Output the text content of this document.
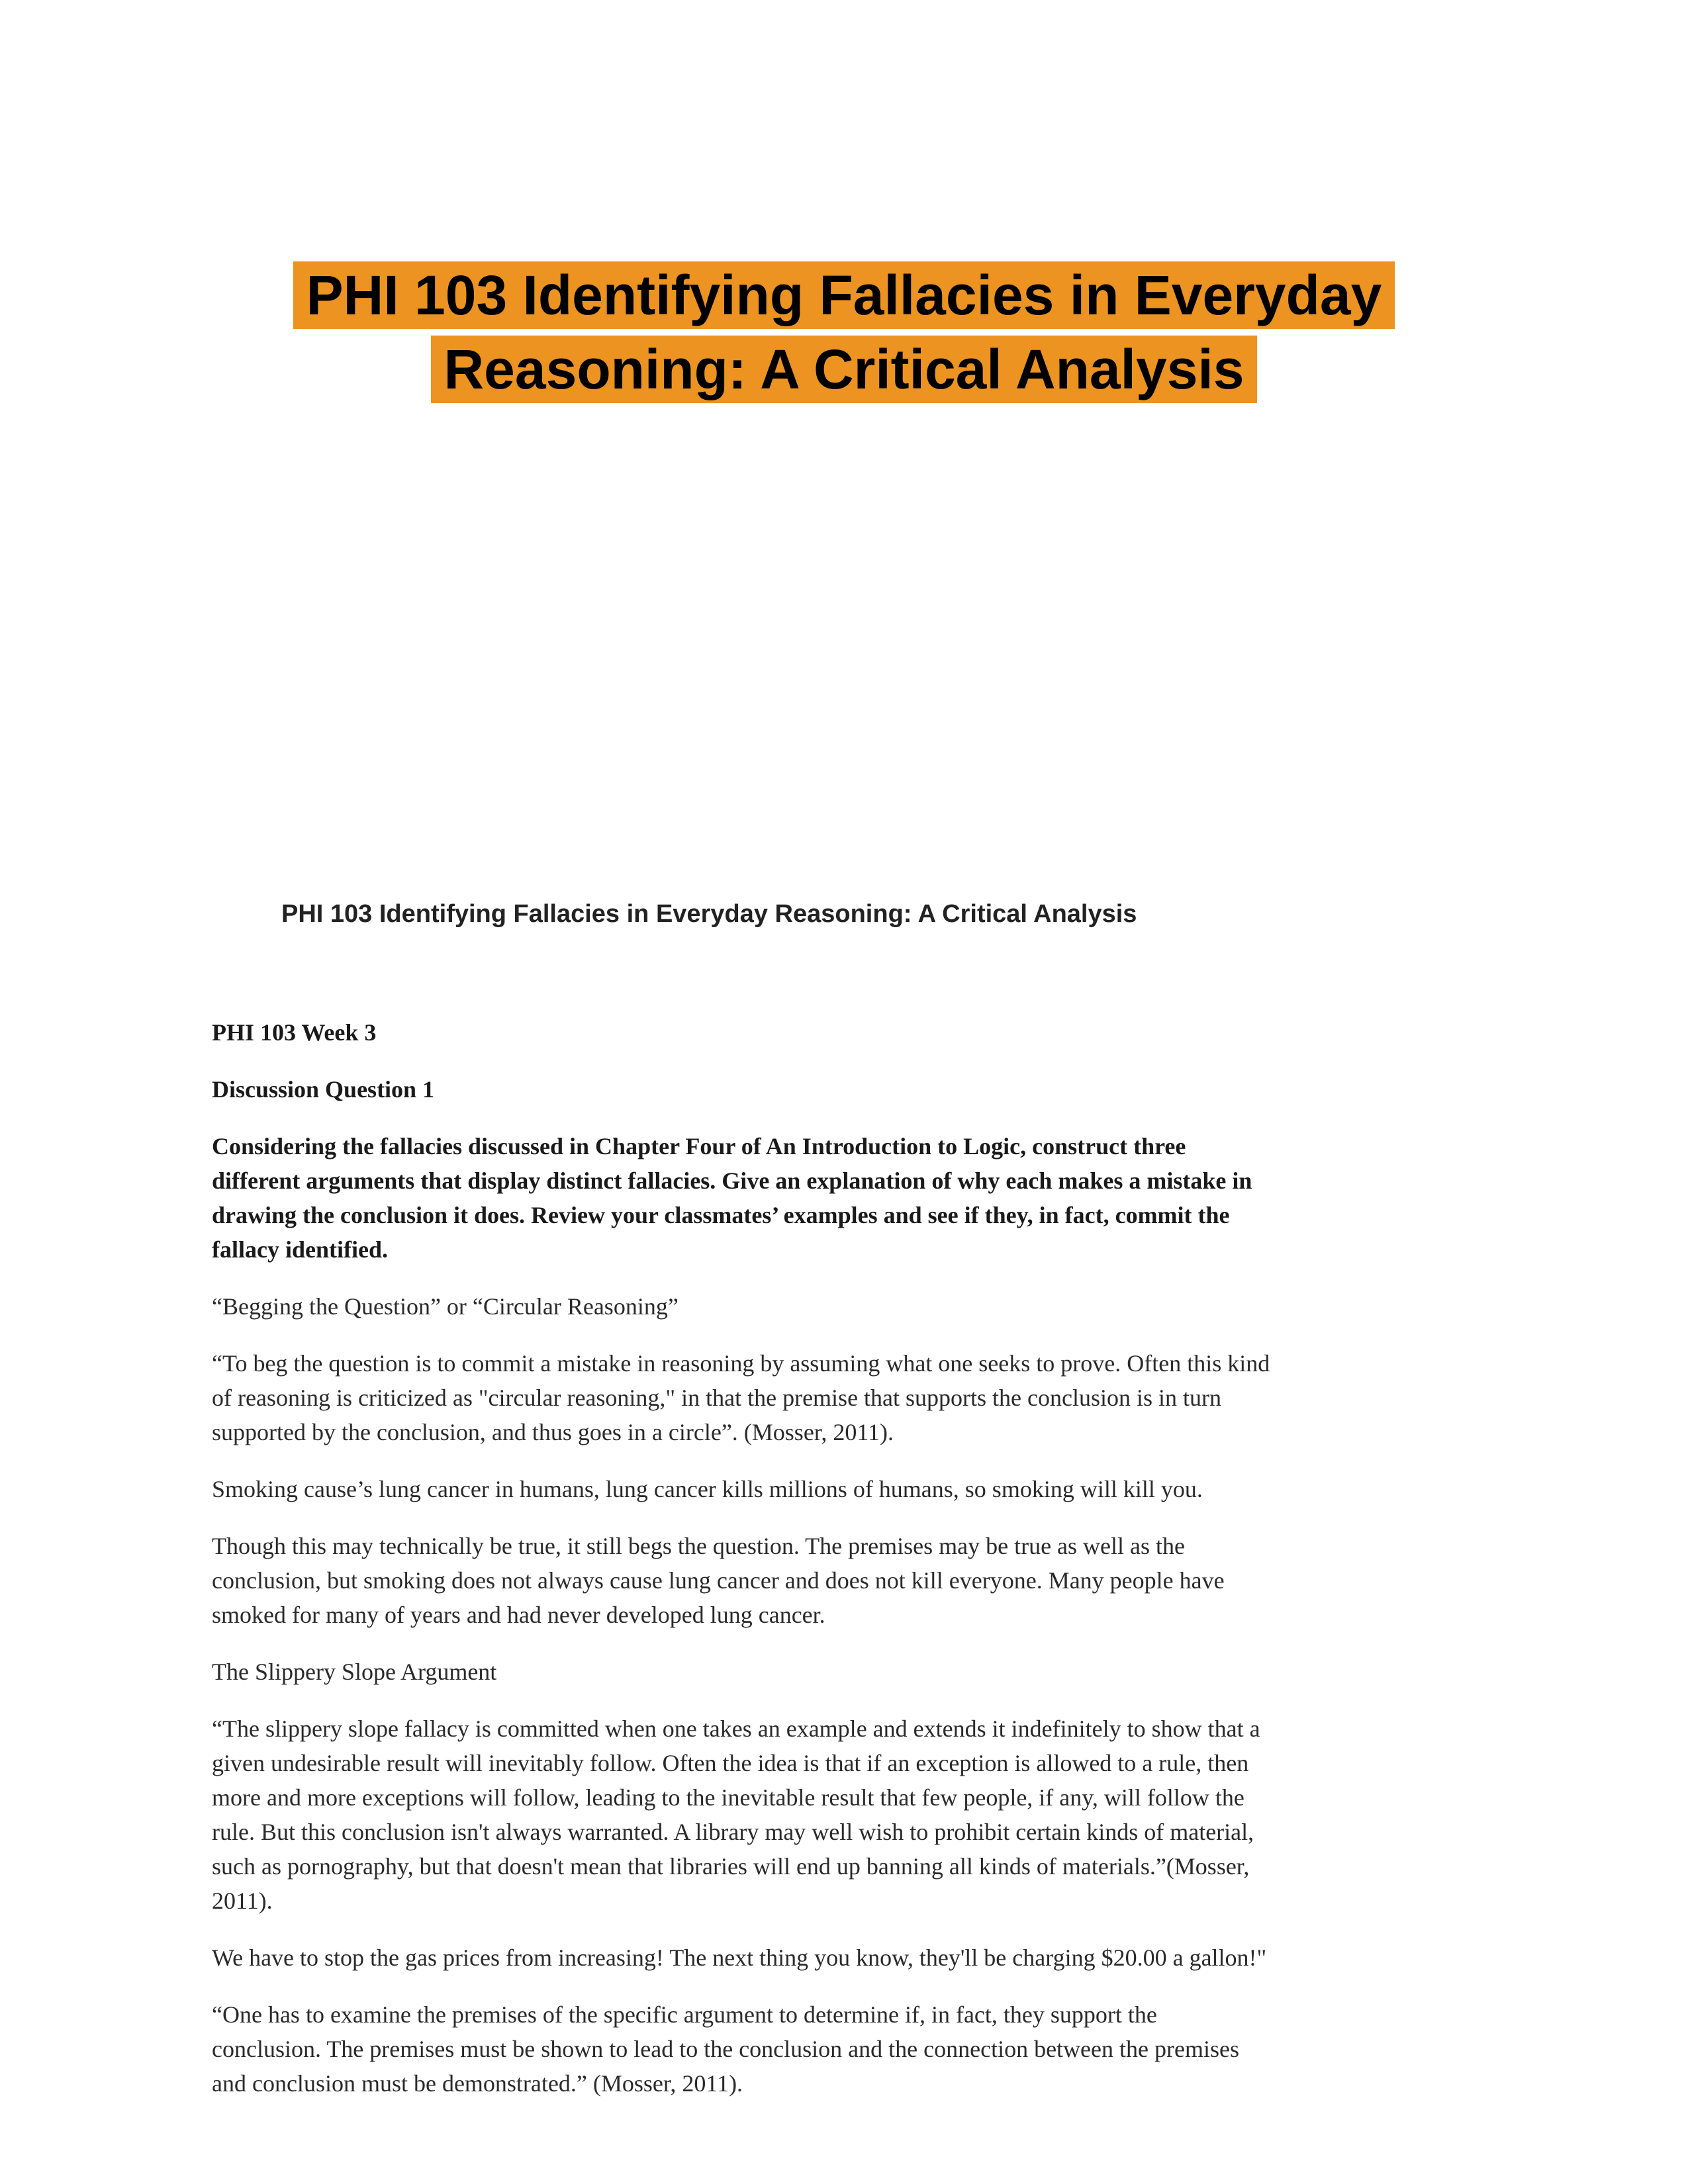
PHI 103 Identifying Fallacies in Everyday
Reasoning: A Critical Analysis
PHI 103 Identifying Fallacies in Everyday Reasoning: A Critical Analysis

PHI 103 Week 3

Discussion Question 1

Considering the fallacies discussed in Chapter Four of An Introduction to Logic, construct three different arguments that display distinct fallacies. Give an explanation of why each makes a mistake in drawing the conclusion it does. Review your classmates’ examples and see if they, in fact, commit the fallacy identified.

“Begging the Question” or “Circular Reasoning”

“To beg the question is to commit a mistake in reasoning by assuming what one seeks to prove. Often this kind of reasoning is criticized as "circular reasoning," in that the premise that supports the conclusion is in turn supported by the conclusion, and thus goes in a circle”. (Mosser, 2011).

Smoking cause’s lung cancer in humans, lung cancer kills millions of humans, so smoking will kill you.

Though this may technically be true, it still begs the question. The premises may be true as well as the conclusion, but smoking does not always cause lung cancer and does not kill everyone. Many people have smoked for many of years and had never developed lung cancer.

The Slippery Slope Argument

“The slippery slope fallacy is committed when one takes an example and extends it indefinitely to show that a given undesirable result will inevitably follow. Often the idea is that if an exception is allowed to a rule, then more and more exceptions will follow, leading to the inevitable result that few people, if any, will follow the rule. But this conclusion isn't always warranted. A library may well wish to prohibit certain kinds of material, such as pornography, but that doesn't mean that libraries will end up banning all kinds of materials.”(Mosser, 2011).

We have to stop the gas prices from increasing! The next thing you know, they'll be charging $20.00 a gallon!"

“One has to examine the premises of the specific argument to determine if, in fact, they support the conclusion. The premises must be shown to lead to the conclusion and the connection between the premises and conclusion must be demonstrated.” (Mosser, 2011).
